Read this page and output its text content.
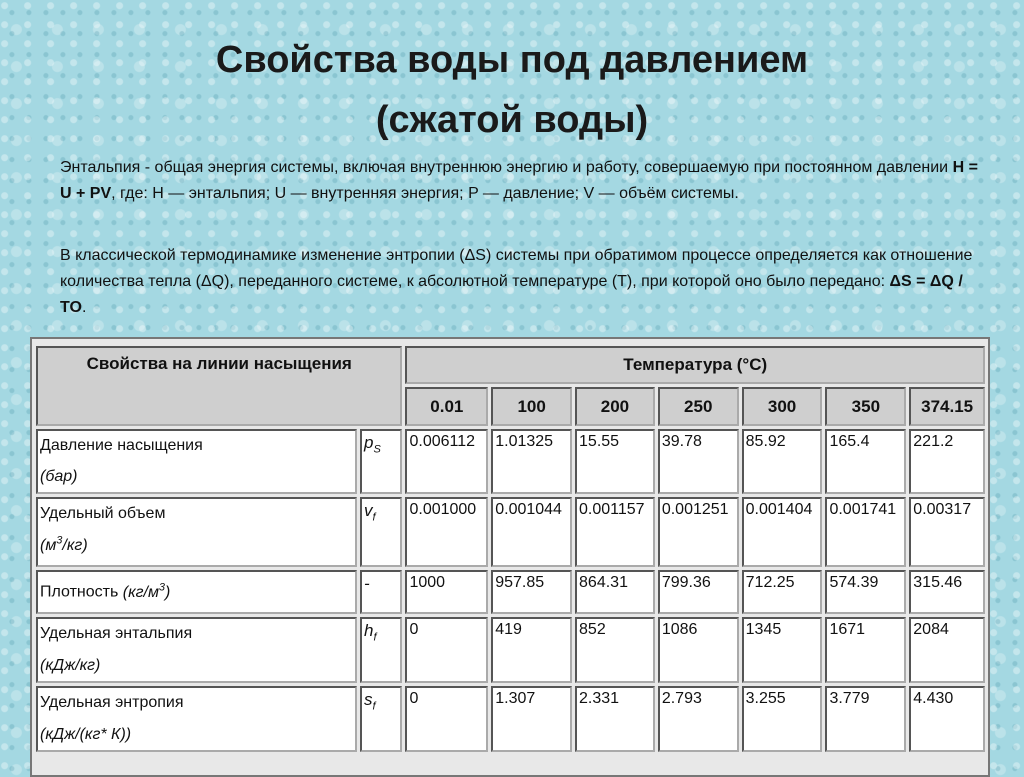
Свойства воды под давлением
(сжатой воды)
Энтальпия - общая энергия системы, включая внутреннюю энергию и работу, совершаемую при постоянном давлении H = U + PV, где: H — энтальпия; U — внутренняя энергия; P — давление; V — объём системы.
В классической термодинамике изменение энтропии (ΔS) системы при обратимом процессе определяется как отношение количества тепла (ΔQ), переданного системе, к абсолютной температуре (T), при которой оно было передано: ΔS = ΔQ / TO.
Свойства на линии насыщения		Температура (°C)						
		0.01	100	200	250	300	350	374.15
Давление насыщения
(бар)	$p_S$	0.006112	1.01325	15.55	39.78	85.92	165.4	221.2
Удельный объем
$(м^3/кг)$	$v_f$	0.001000	0.001044	0.001157	0.001251	0.001404	0.001741	0.00317
Плотность $(кг/м^3)$	-	1000	957.85	864.31	799.36	712.25	574.39	315.46
Удельная энтальпия
(кДж/кг)	$h_f$	0	419	852	1086	1345	1671	2084
Удельная энтропия
(кДж/(кг* К))	$s_f$	0	1.307	2.331	2.793	3.255	3.779	4.430
